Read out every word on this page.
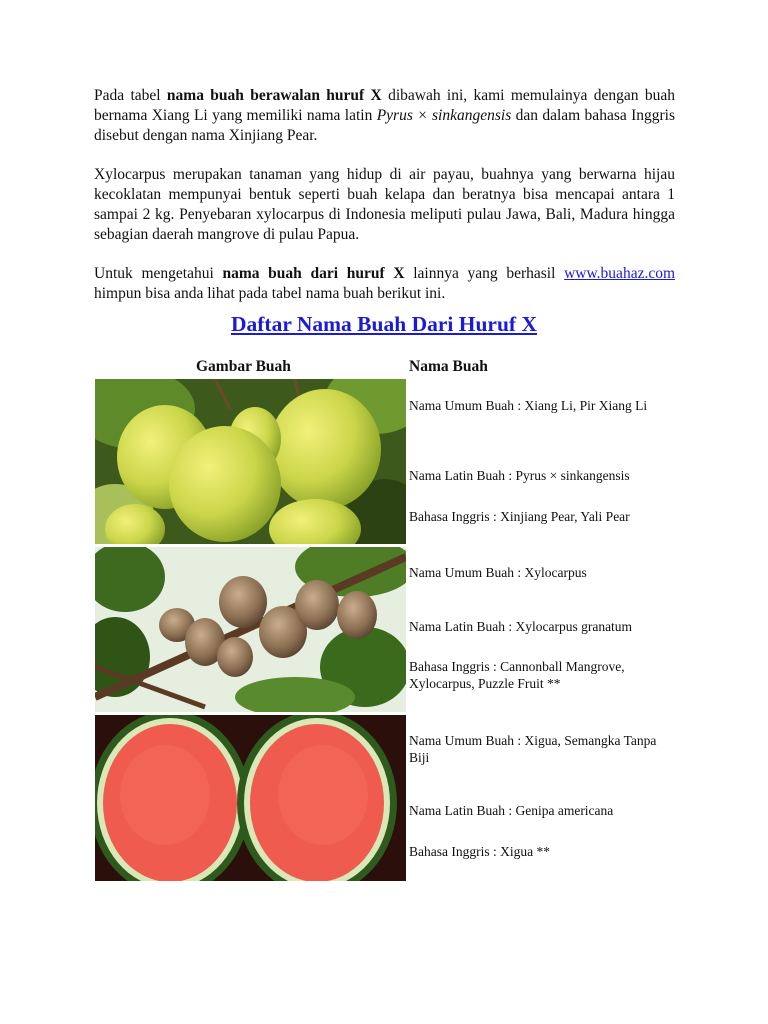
Pada tabel nama buah berawalan huruf X dibawah ini, kami memulainya dengan buah bernama Xiang Li yang memiliki nama latin Pyrus × sinkangensis dan dalam bahasa Inggris disebut dengan nama Xinjiang Pear.

Xylocarpus merupakan tanaman yang hidup di air payau, buahnya yang berwarna hijau kecoklatan mempunyai bentuk seperti buah kelapa dan beratnya bisa mencapai antara 1 sampai 2 kg. Penyebaran xylocarpus di Indonesia meliputi pulau Jawa, Bali, Madura hingga sebagian daerah mangrove di pulau Papua.

Untuk mengetahui nama buah dari huruf X lainnya yang berhasil www.buahaz.com himpun bisa anda lihat pada tabel nama buah berikut ini.

Daftar Nama Buah Dari Huruf X
Gambar Buah	Nama Buah
Nama Umum Buah : Xiang Li, Pir Xiang Li
Nama Latin Buah : Pyrus × sinkangensis
Bahasa Inggris : Xinjiang Pear, Yali Pear
Nama Umum Buah : Xylocarpus
Nama Latin Buah : Xylocarpus granatum
Bahasa Inggris : Cannonball Mangrove, Xylocarpus, Puzzle Fruit **
Nama Umum Buah : Xigua, Semangka Tanpa Biji
Nama Latin Buah : Genipa americana
Bahasa Inggris : Xigua **
